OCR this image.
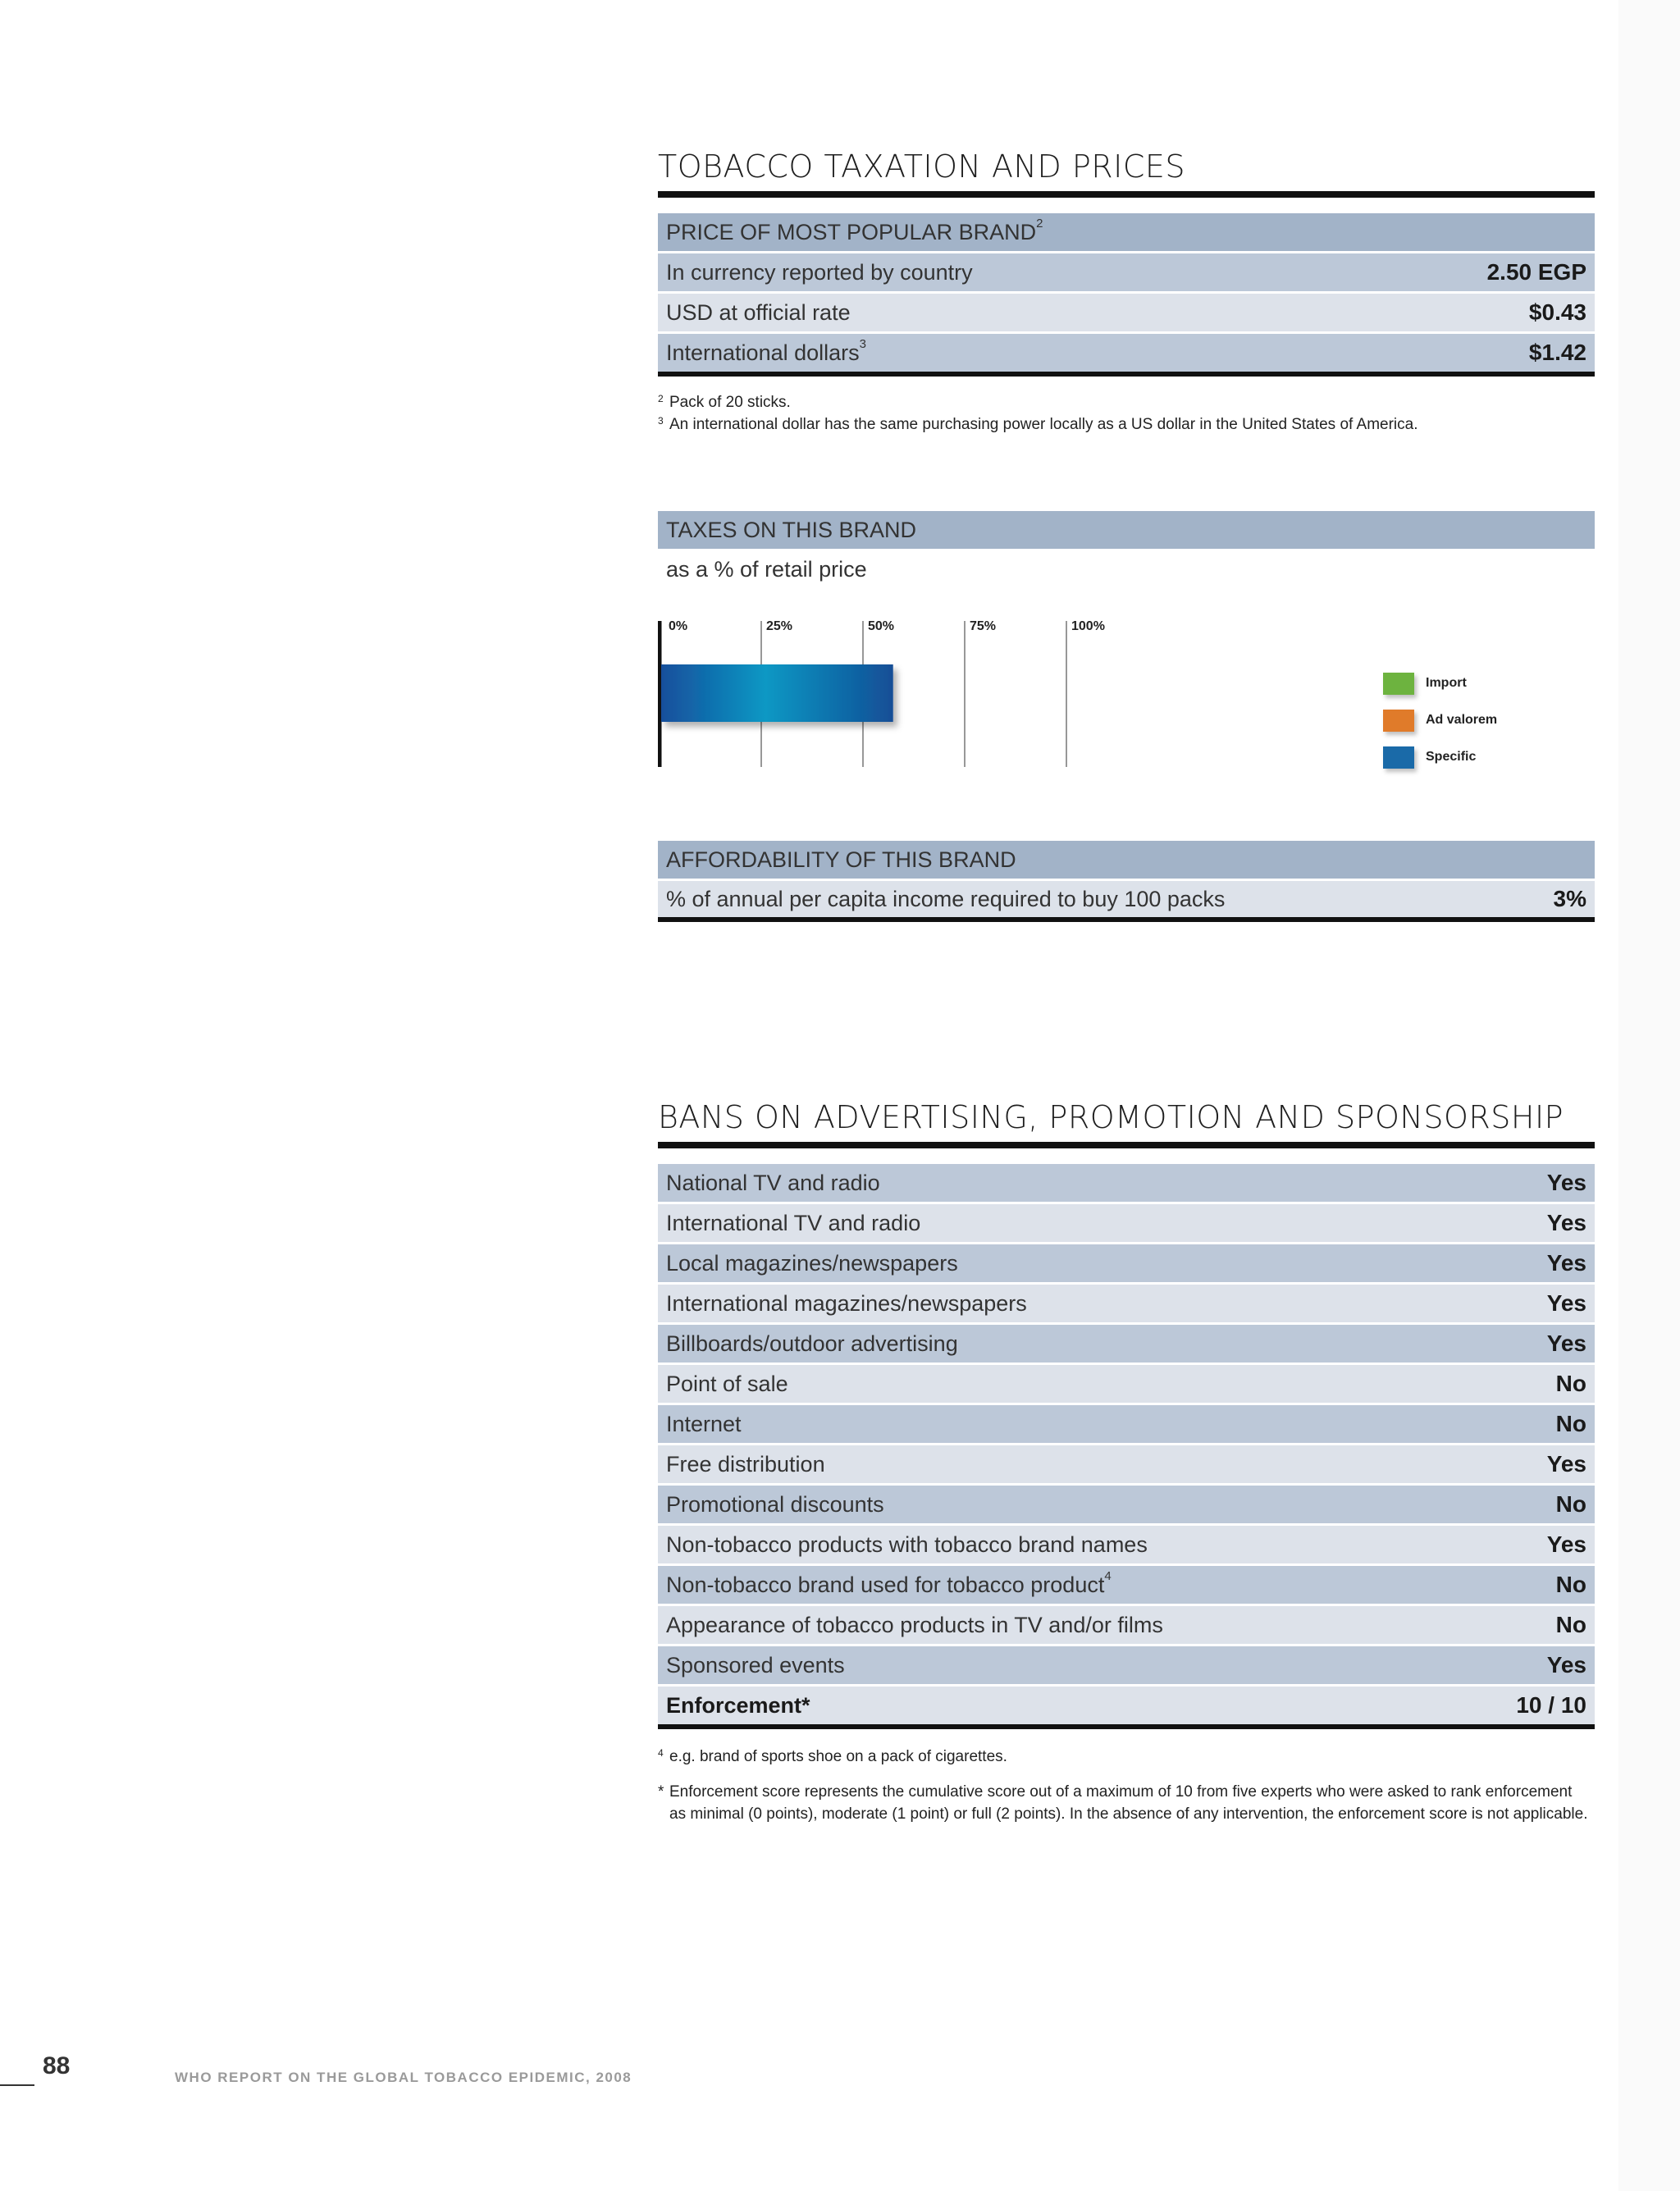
TOBACCO TAXATION AND PRICES
PRICE OF MOST POPULAR BRAND$^2$
In currency reported by country	2.50 EGP
USD at official rate	$0.43
International dollars$^3$	$1.42
2 Pack of 20 sticks.
3 An international dollar has the same purchasing power locally as a US dollar in the United States of America.
TAXES ON THIS BRAND
as a % of retail price
Import
Ad valorem
Specific
0%	25%	50%	75%	100%
AFFORDABILITY OF THIS BRAND
% of annual per capita income required to buy 100 packs	3%
BANS ON ADVERTISING, PROMOTION AND SPONSORSHIP
National TV and radio	Yes
International TV and radio	Yes
Local magazines/newspapers	Yes
International magazines/newspapers	Yes
Billboards/outdoor advertising	Yes
Point of sale	No
Internet	No
Free distribution	Yes
Promotional discounts	No
Non-tobacco products with tobacco brand names	Yes
Non-tobacco brand used for tobacco product$^4$	No
Appearance of tobacco products in TV and/or films	No
Sponsored events	Yes
Enforcement*	10 / 10
4 e.g. brand of sports shoe on a pack of cigarettes.
* Enforcement score represents the cumulative score out of a maximum of 10 from five experts who were asked to rank enforcement as minimal (0 points), moderate (1 point) or full (2 points). In the absence of any intervention, the enforcement score is not applicable.
88	WHO REPORT ON THE GLOBAL TOBACCO EPIDEMIC, 2008
